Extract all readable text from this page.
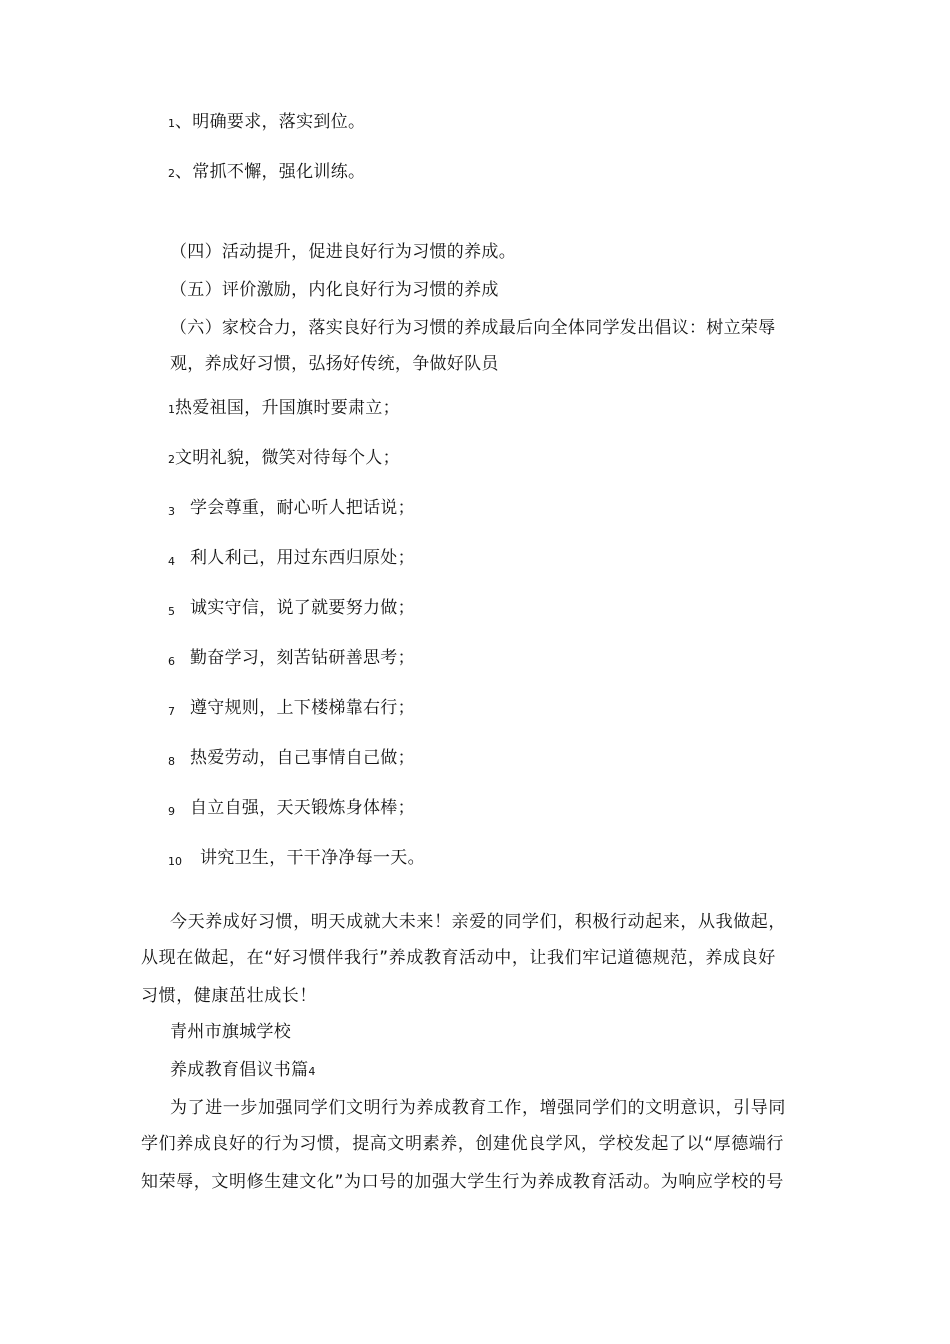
1、明确要求，落实到位。
2、常抓不懈，强化训练。
（四）活动提升，促进良好行为习惯的养成。
（五）评价激励，内化良好行为习惯的养成
（六）家校合力，落实良好行为习惯的养成最后向全体同学发出倡议：树立荣辱
观，养成好习惯，弘扬好传统，争做好队员
1热爱祖国，升国旗时要肃立；
2文明礼貌，微笑对待每个人；
3 学会尊重，耐心听人把话说；
4 利人利己，用过东西归原处；
5 诚实守信，说了就要努力做；
6 勤奋学习，刻苦钻研善思考；
7 遵守规则，上下楼梯靠右行；
8 热爱劳动，自己事情自己做；
9 自立自强，天天锻炼身体棒；
10 讲究卫生，干干净净每一天。
今天养成好习惯，明天成就大未来！亲爱的同学们，积极行动起来，从我做起，
从现在做起，在“好习惯伴我行”养成教育活动中，让我们牢记道德规范，养成良好
习惯，健康茁壮成长！
青州市旗城学校
养成教育倡议书篇4
为了进一步加强同学们文明行为养成教育工作，增强同学们的文明意识，引导同
学们养成良好的行为习惯，提高文明素养，创建优良学风，学校发起了以“厚德端行
知荣辱，文明修生建文化”为口号的加强大学生行为养成教育活动。为响应学校的号
